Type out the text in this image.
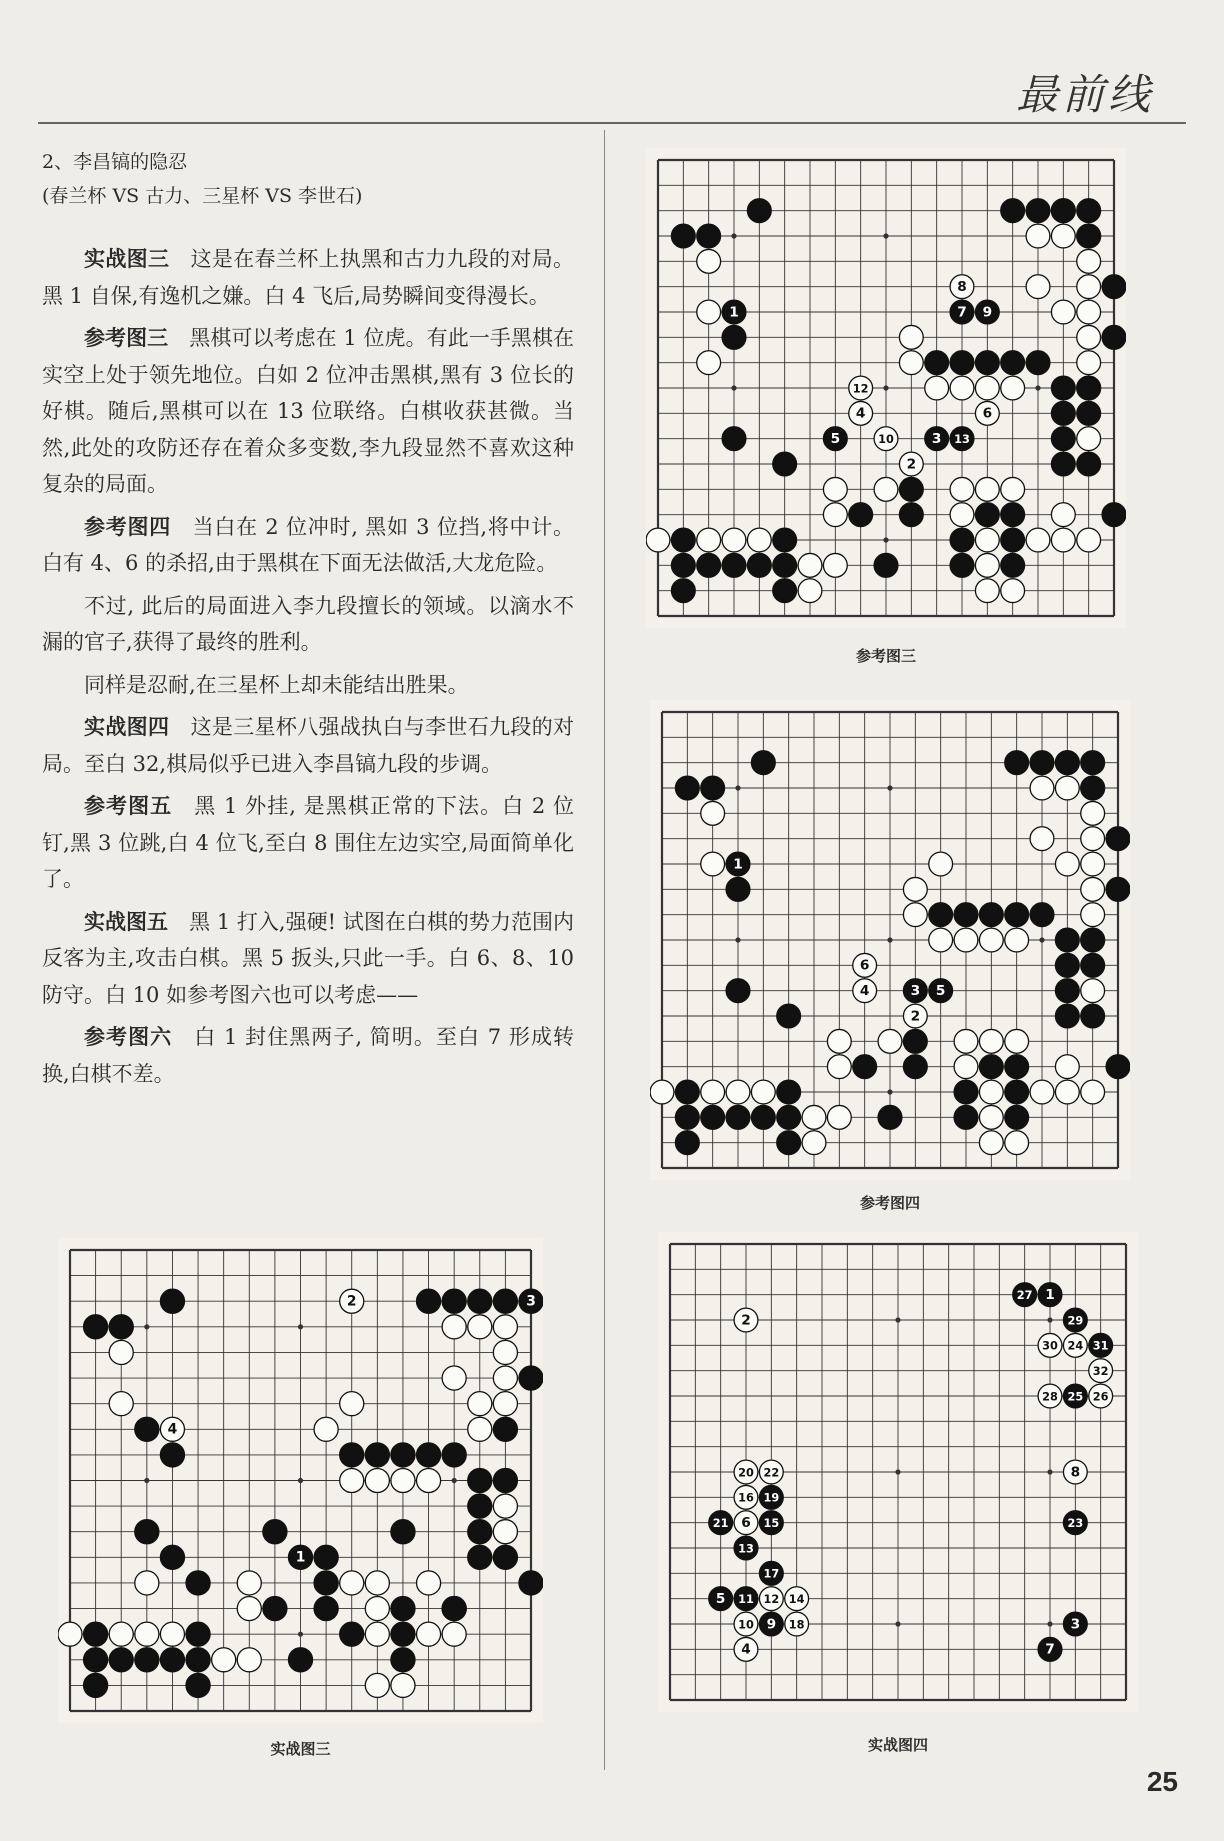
最前线

2、李昌镐的隐忍

(春兰杯 VS 古力、三星杯 VS 李世石)

实战图三　这是在春兰杯上执黑和古力九段的对局。黑 1 自保,有逸机之嫌。白 4 飞后,局势瞬间变得漫长。

参考图三　黑棋可以考虑在 1 位虎。有此一手黑棋在实空上处于领先地位。白如 2 位冲击黑棋,黑有 3 位长的好棋。随后,黑棋可以在 13 位联络。白棋收获甚微。当然,此处的攻防还存在着众多变数,李九段显然不喜欢这种复杂的局面。

参考图四　当白在 2 位冲时, 黑如 3 位挡,将中计。白有 4、6 的杀招,由于黑棋在下面无法做活,大龙危险。

不过, 此后的局面进入李九段擅长的领域。以滴水不漏的官子,获得了最终的胜利。

同样是忍耐,在三星杯上却未能结出胜果。

实战图四　这是三星杯八强战执白与李世石九段的对局。至白 32,棋局似乎已进入李昌镐九段的步调。

参考图五　黑 1 外挂, 是黑棋正常的下法。白 2 位钉,黑 3 位跳,白 4 位飞,至白 8 围住左边实空,局面简单化了。

实战图五　黑 1 打入,强硬! 试图在白棋的势力范围内反客为主,攻击白棋。黑 5 扳头,只此一手。白 6、8、10 防守。白 10 如参考图六也可以考虑——

参考图六　白 1 封住黑两子, 简明。至白 7 形成转换,白棋不差。

1
2
3
4
5
6
7
8
9
10
12
13
参考图三
1
2
3
4	5
6
参考图四
2	3
4
1
实战图三
1
2
3
4
5
6
7
8
9
10
11 12
13
14
15
16
17
18
19
20
21
22
23
24
25 26
27
28
29
30	31
32
实战图四
25
